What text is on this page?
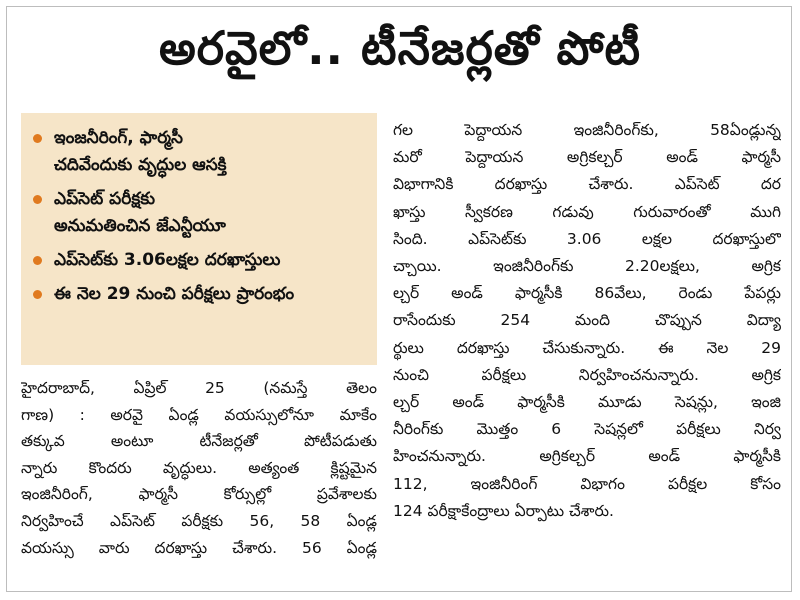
అరవైలో.. టీనేజర్లతో పోటీ
ఇంజనీరింగ్, ఫార్మసీ
చదివేందుకు వృద్ధుల ఆసక్తి
ఎప్‌సెట్ పరీక్షకు
అనుమతించిన జేఎన్టీయూ
ఎప్‌సెట్‌కు 3.06లక్షల దరఖాస్తులు
ఈ నెల 29 నుంచి పరీక్షలు ప్రారంభం
హైదరాబాద్, ఏప్రిల్ 25 (నమస్తే తెలం
గాణ) : అరవై ఏండ్ల వయస్సులోనూ మాకేం
తక్కువ అంటూ టీనేజర్లతో పోటీపడుతు
న్నారు కొందరు వృద్ధులు. అత్యంత క్లిష్టమైన
ఇంజినీరింగ్, ఫార్మసీ కోర్సుల్లో ప్రవేశాలకు
నిర్వహించే ఎప్‌సెట్ పరీక్షకు 56, 58 ఏండ్ల
వయస్సు వారు దరఖాస్తు చేశారు. 56 ఏండ్ల
గల పెద్దాయన ఇంజినీరింగ్‌కు, 58ఏండ్లున్న
మరో పెద్దాయన అగ్రికల్చర్ అండ్ ఫార్మసీ
విభాగానికి దరఖాస్తు చేశారు. ఎప్‌సెట్ దర
ఖాస్తు స్వీకరణ గడువు గురువారంతో ముగి
సింది. ఎప్‌సెట్‌కు 3.06 లక్షల దరఖాస్తులొ
చ్చాయి. ఇంజినీరింగ్‌కు 2.20లక్షలు, అగ్రిక
ల్చర్ అండ్ ఫార్మసీకి 86వేలు, రెండు పేపర్లు
రాసేందుకు 254 మంది చొప్పున విద్యా
ర్థులు దరఖాస్తు చేసుకున్నారు. ఈ నెల 29
నుంచి పరీక్షలు నిర్వహించనున్నారు. అగ్రిక
ల్చర్ అండ్ ఫార్మసీకి మూడు సెషన్లు, ఇంజి
నీరింగ్‌కు మొత్తం 6 సెషన్లలో పరీక్షలు నిర్వ
హించనున్నారు. అగ్రికల్చర్ అండ్ ఫార్మసీకి
112, ఇంజినీరింగ్ విభాగం పరీక్షల కోసం
124 పరీక్షాకేంద్రాలు ఏర్పాటు చేశారు.
